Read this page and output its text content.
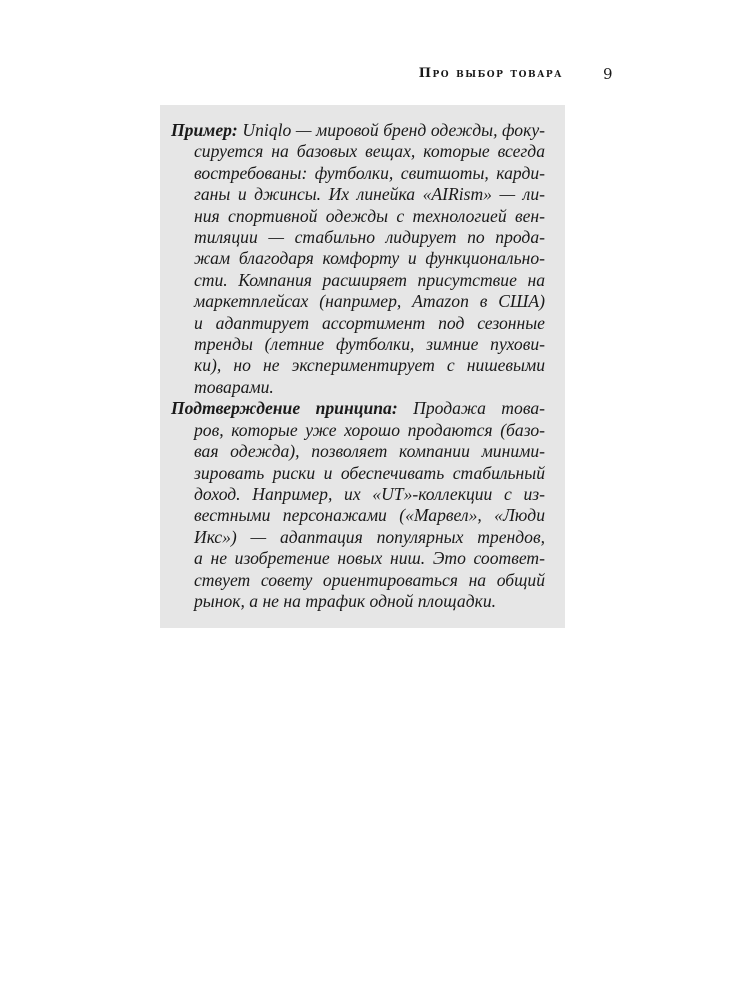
Про выбор товара	9
Пример: Uniqlo — мировой бренд одежды, фоку-
сируется на базовых вещах, которые всегда
востребованы: футболки, свитшоты, карди-
ганы и джинсы. Их линейка «AIRism» — ли-
ния спортивной одежды с технологией вен-
тиляции — стабильно лидирует по прода-
жам благодаря комфорту и функционально-
сти. Компания расширяет присутствие на
маркетплейсах (например, Amazon в США)
и адаптирует ассортимент под сезонные
тренды (летние футболки, зимние пухови-
ки), но не экспериментирует с нишевыми
товарами.
Подтверждение принципа: Продажа това-
ров, которые уже хорошо продаются (базо-
вая одежда), позволяет компании миними-
зировать риски и обеспечивать стабильный
доход. Например, их «UT»-коллекции с из-
вестными персонажами («Марвел», «Люди
Икс») — адаптация популярных трендов,
а не изобретение новых ниш. Это соответ-
ствует совету ориентироваться на общий
рынок, а не на трафик одной площадки.
